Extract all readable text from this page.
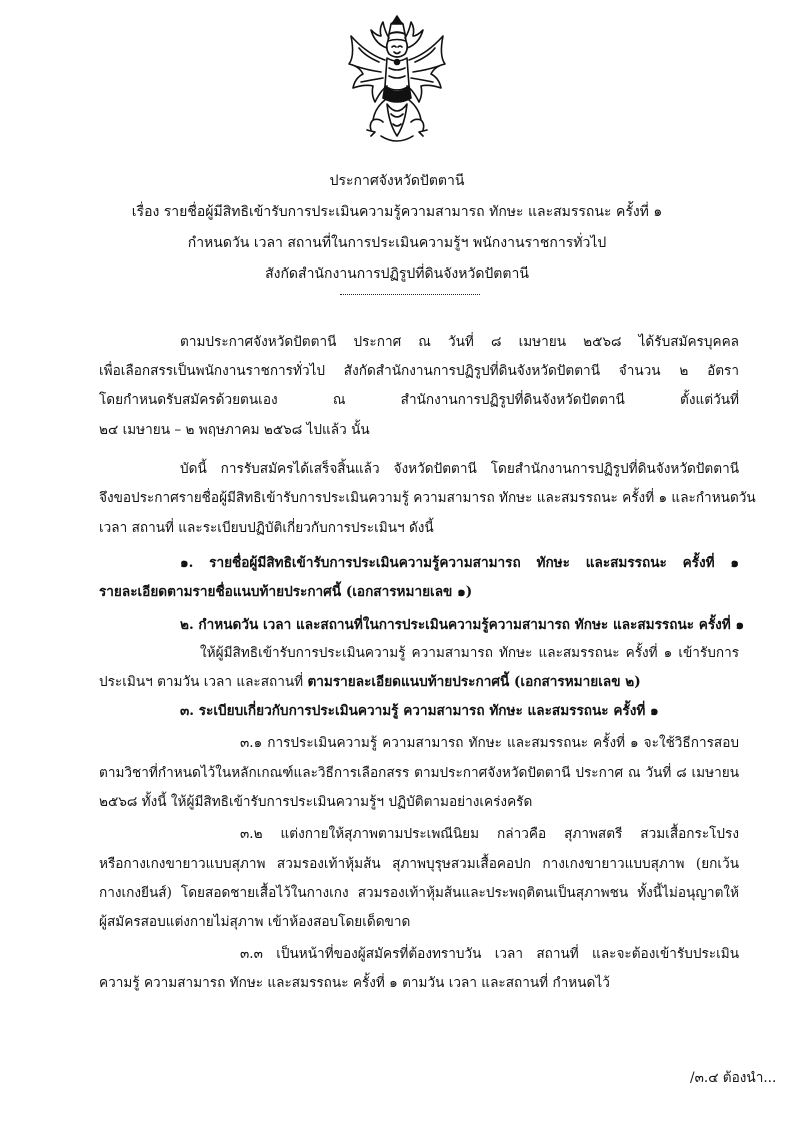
ประกาศจังหวัดปัตตานี
เรื่อง รายชื่อผู้มีสิทธิเข้ารับการประเมินความรู้ความสามารถ ทักษะ และสมรรถนะ ครั้งที่ ๑
กำหนดวัน เวลา สถานที่ในการประเมินความรู้ฯ พนักงานราชการทั่วไป
สังกัดสำนักงานการปฏิรูปที่ดินจังหวัดปัตตานี
ตามประกาศจังหวัดปัตตานี ประกาศ ณ วันที่ ๘ เมษายน ๒๕๖๘ ได้รับสมัครบุคคล
เพื่อเลือกสรรเป็นพนักงานราชการทั่วไป สังกัดสำนักงานการปฏิรูปที่ดินจังหวัดปัตตานี จำนวน ๒ อัตรา
โดยกำหนดรับสมัครด้วยตนเอง ณ สำนักงานการปฏิรูปที่ดินจังหวัดปัตตานี ตั้งแต่วันที่
๒๔ เมษายน – ๒ พฤษภาคม ๒๕๖๘ ไปแล้ว นั้น
บัดนี้ การรับสมัครได้เสร็จสิ้นแล้ว จังหวัดปัตตานี โดยสำนักงานการปฏิรูปที่ดินจังหวัดปัตตานี
จึงขอประกาศรายชื่อผู้มีสิทธิเข้ารับการประเมินความรู้ ความสามารถ ทักษะ และสมรรถนะ ครั้งที่ ๑ และกำหนดวัน
เวลา สถานที่ และระเบียบปฏิบัติเกี่ยวกับการประเมินฯ ดังนี้
๑. รายชื่อผู้มีสิทธิเข้ารับการประเมินความรู้ความสามารถ ทักษะ และสมรรถนะ ครั้งที่ ๑
รายละเอียดตามรายชื่อแนบท้ายประกาศนี้ (เอกสารหมายเลข ๑)
๒. กำหนดวัน เวลา และสถานที่ในการประเมินความรู้ความสามารถ ทักษะ และสมรรถนะ ครั้งที่ ๑
ให้ผู้มีสิทธิเข้ารับการประเมินความรู้ ความสามารถ ทักษะ และสมรรถนะ ครั้งที่ ๑ เข้ารับการ
ประเมินฯ ตามวัน เวลา และสถานที่ ตามรายละเอียดแนบท้ายประกาศนี้ (เอกสารหมายเลข ๒)
๓. ระเบียบเกี่ยวกับการประเมินความรู้ ความสามารถ ทักษะ และสมรรถนะ ครั้งที่ ๑
๓.๑ การประเมินความรู้ ความสามารถ ทักษะ และสมรรถนะ ครั้งที่ ๑ จะใช้วิธีการสอบ
ตามวิชาที่กำหนดไว้ในหลักเกณฑ์และวิธีการเลือกสรร ตามประกาศจังหวัดปัตตานี ประกาศ ณ วันที่ ๘ เมษายน
๒๕๖๘ ทั้งนี้ ให้ผู้มีสิทธิเข้ารับการประเมินความรู้ฯ ปฏิบัติตามอย่างเคร่งครัด
๓.๒ แต่งกายให้สุภาพตามประเพณีนิยม กล่าวคือ สุภาพสตรี สวมเสื้อกระโปรง
หรือกางเกงขายาวแบบสุภาพ สวมรองเท้าหุ้มส้น สุภาพบุรุษสวมเสื้อคอปก กางเกงขายาวแบบสุภาพ (ยกเว้น
กางเกงยีนส์) โดยสอดชายเสื้อไว้ในกางเกง สวมรองเท้าหุ้มส้นและประพฤติตนเป็นสุภาพชน ทั้งนี้ไม่อนุญาตให้
ผู้สมัครสอบแต่งกายไม่สุภาพ เข้าห้องสอบโดยเด็ดขาด
๓.๓ เป็นหน้าที่ของผู้สมัครที่ต้องทราบวัน เวลา สถานที่ และจะต้องเข้ารับประเมิน
ความรู้ ความสามารถ ทักษะ และสมรรถนะ ครั้งที่ ๑ ตามวัน เวลา และสถานที่ กำหนดไว้
/๓.๔ ต้องนำ...
